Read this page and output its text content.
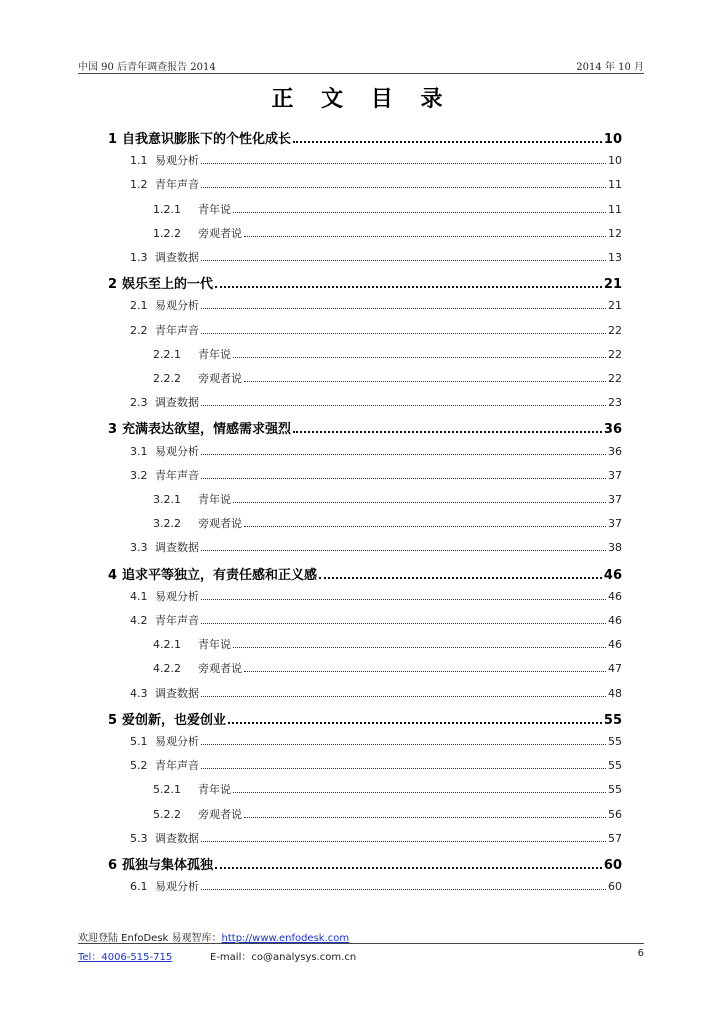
中国 90 后青年调查报告 2014	2014 年 10 月
正 文 目 录
1 自我意识膨胀下的个性化成长	10
1.1 易观分析	10
1.2 青年声音	11
1.2.1	青年说	11
1.2.2	旁观者说	12
1.3 调查数据	13
2 娱乐至上的一代	21
2.1 易观分析	21
2.2 青年声音	22
2.2.1	青年说	22
2.2.2	旁观者说	22
2.3 调查数据	23
3 充满表达欲望，情感需求强烈	36
3.1 易观分析	36
3.2 青年声音	37
3.2.1	青年说	37
3.2.2	旁观者说	37
3.3 调查数据	38
4 追求平等独立，有责任感和正义感	46
4.1 易观分析	46
4.2 青年声音	46
4.2.1	青年说	46
4.2.2	旁观者说	47
4.3 调查数据	48
5 爱创新，也爱创业	55
5.1 易观分析	55
5.2 青年声音	55
5.2.1	青年说	55
5.2.2	旁观者说	56
5.3 调查数据	57
6 孤独与集体孤独	60
6.1 易观分析	60
欢迎登陆 EnfoDesk 易观智库：http://www.enfodesk.com
Tel：4006-515-715	E-mail：co@analysys.com.cn	6
